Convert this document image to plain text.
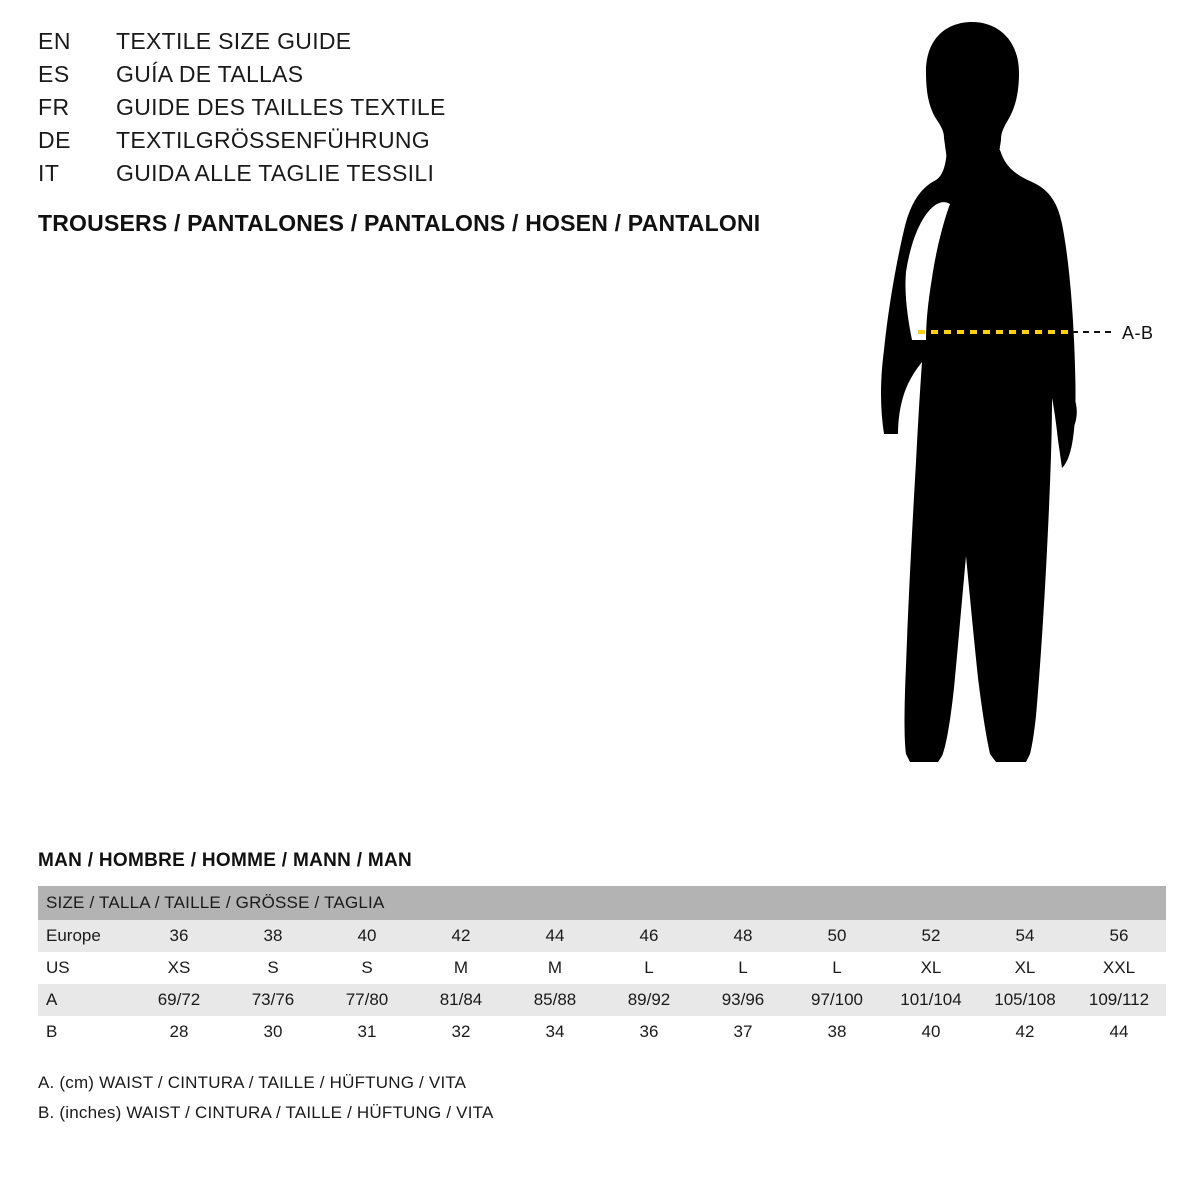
EN	TEXTILE SIZE GUIDE
ES	GUÍA DE TALLAS
FR	GUIDE DES TAILLES TEXTILE
DE	TEXTILGRÖSSENFÜHRUNG
IT	GUIDA ALLE TAGLIE TESSILI
TROUSERS / PANTALONES / PANTALONS / HOSEN / PANTALONI
A-B
MAN / HOMBRE / HOMME / MANN / MAN
SIZE / TALLA / TAILLE / GRÖSSE / TAGLIA											
Europe	36	38	40	42	44	46	48	50	52	54	56
US	XS	S	S	M	M	L	L	L	XL	XL	XXL
A	69/72	73/76	77/80	81/84	85/88	89/92	93/96	97/100	101/104	105/108	109/112
B	28	30	31	32	34	36	37	38	40	42	44
A. (cm) WAIST / CINTURA / TAILLE / HÜFTUNG / VITA
B. (inches) WAIST / CINTURA / TAILLE / HÜFTUNG / VITA
